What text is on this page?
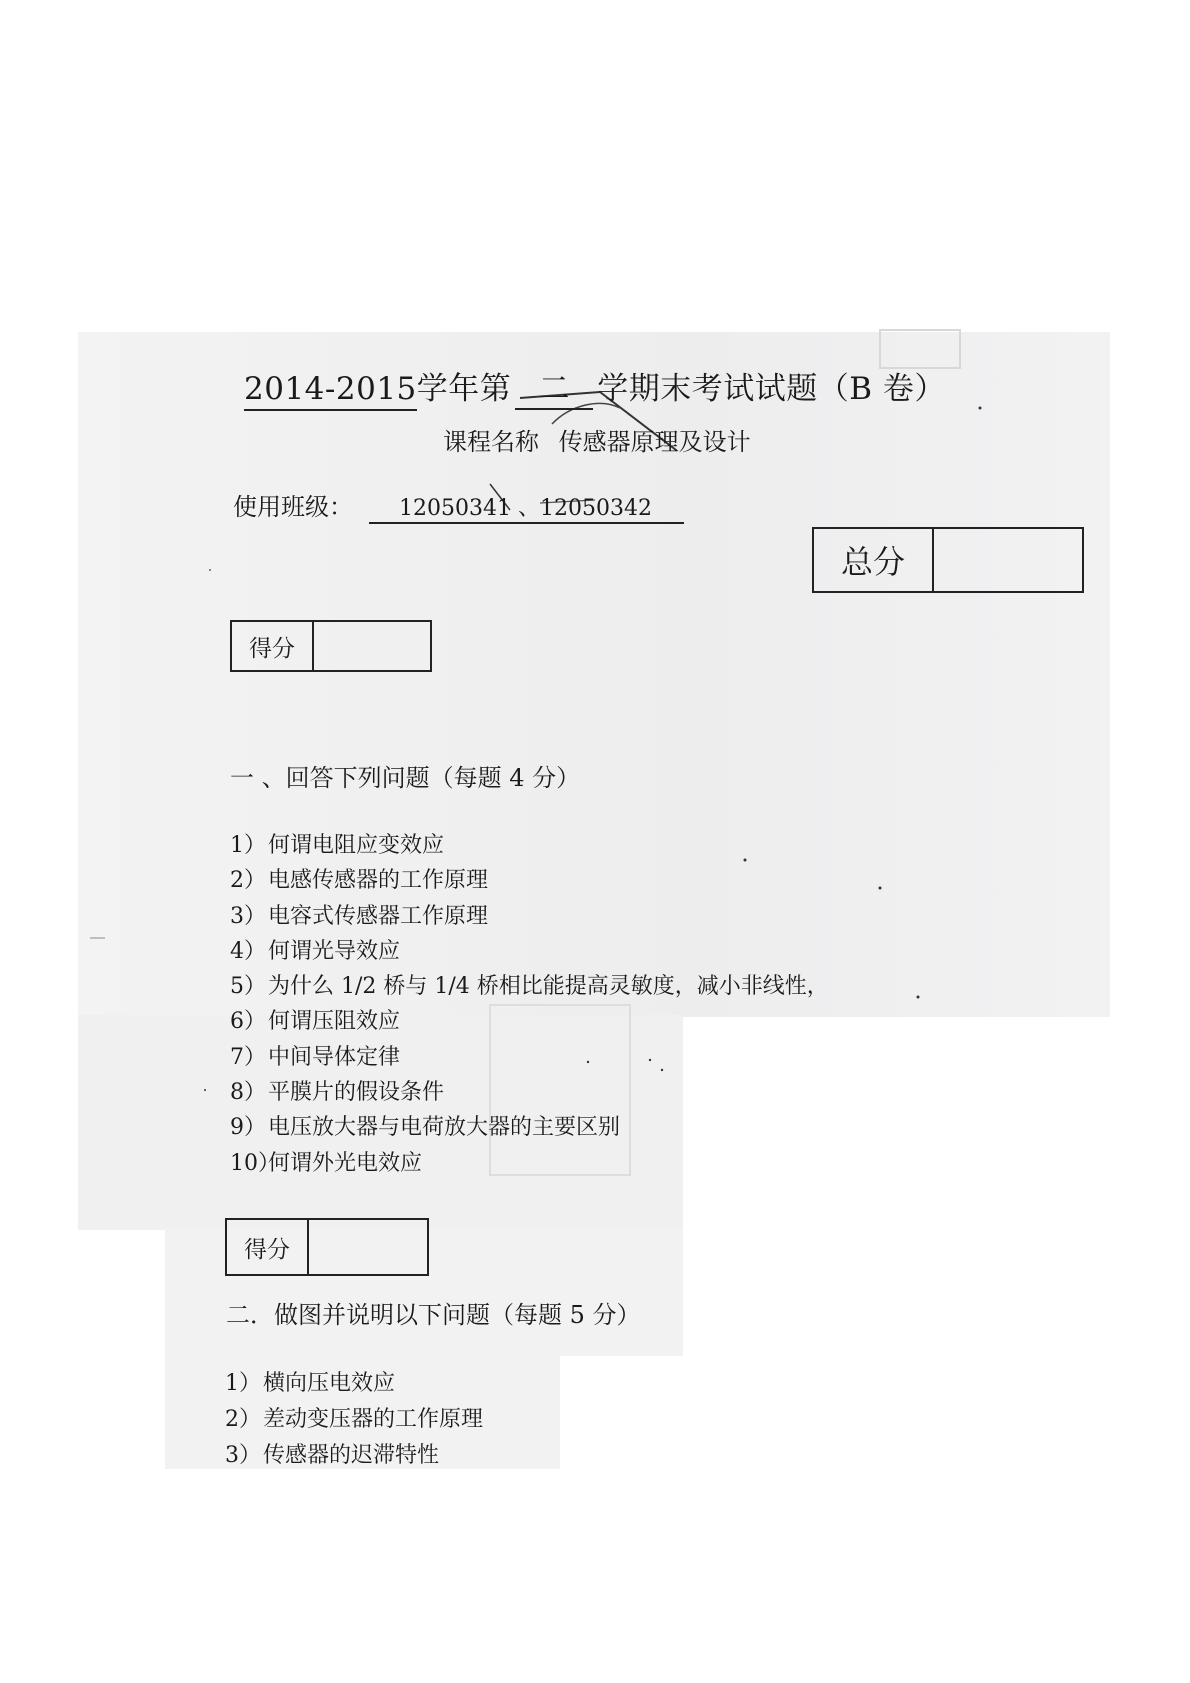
2014-2015学年第 二 学期末考试试题（B 卷）
课程名称 传感器原理及设计
使用班级： 12050341 、12050342
总分
得分
一 、回答下列问题（每题 4 分）
1）何谓电阻应变效应
2）电感传感器的工作原理
3）电容式传感器工作原理
4）何谓光导效应
5）为什么 1/2 桥与 1/4 桥相比能提高灵敏度，减小非线性，
6）何谓压阻效应
7）中间导体定律
8）平膜片的假设条件
9）电压放大器与电荷放大器的主要区别
10）何谓外光电效应
得分
二．做图并说明以下问题（每题 5 分）
1）横向压电效应
2）差动变压器的工作原理
3）传感器的迟滞特性
